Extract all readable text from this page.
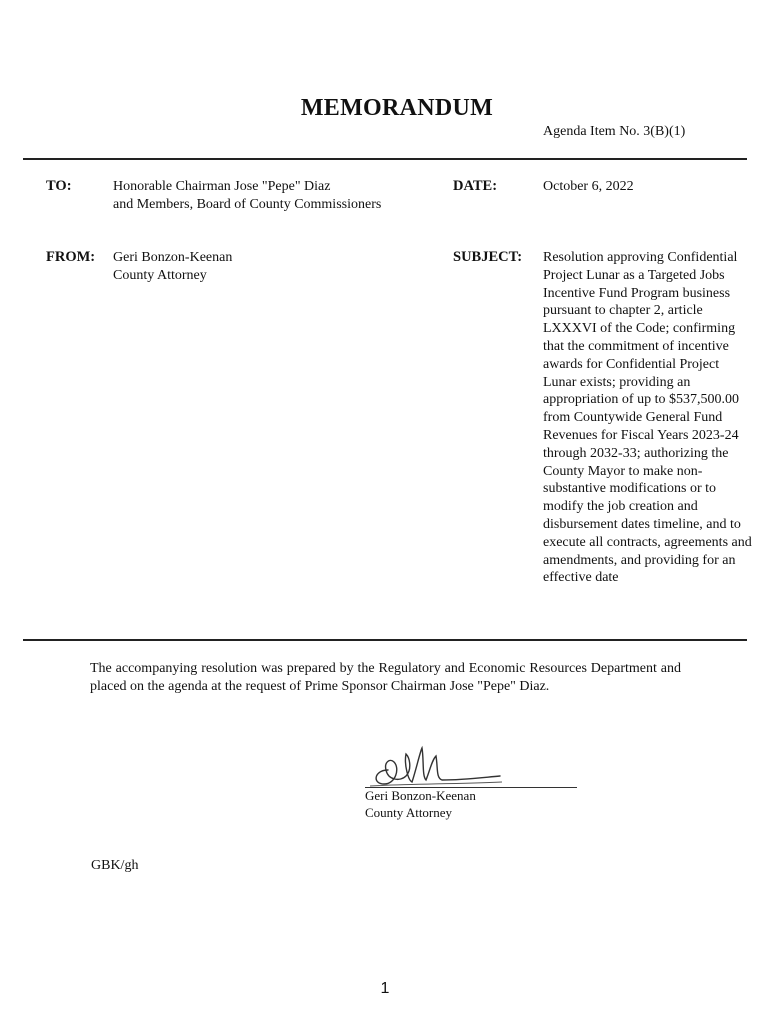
MEMORANDUM
Agenda Item No. 3(B)(1)
TO:	Honorable Chairman Jose "Pepe" Diaz
and Members, Board of County Commissioners
DATE:	October 6, 2022
FROM: Geri Bonzon-Keenan
County Attorney
SUBJECT: Resolution approving Confidential Project Lunar as a Targeted Jobs Incentive Fund Program business pursuant to chapter 2, article LXXXVI of the Code; confirming that the commitment of incentive awards for Confidential Project Lunar exists; providing an appropriation of up to $537,500.00 from Countywide General Fund Revenues for Fiscal Years 2023-24 through 2032-33; authorizing the County Mayor to make non-substantive modifications or to modify the job creation and disbursement dates timeline, and to execute all contracts, agreements and amendments, and providing for an effective date
The accompanying resolution was prepared by the Regulatory and Economic Resources Department and placed on the agenda at the request of Prime Sponsor Chairman Jose "Pepe" Diaz.
Geri Bonzon-Keenan
County Attorney
GBK/gh
1
